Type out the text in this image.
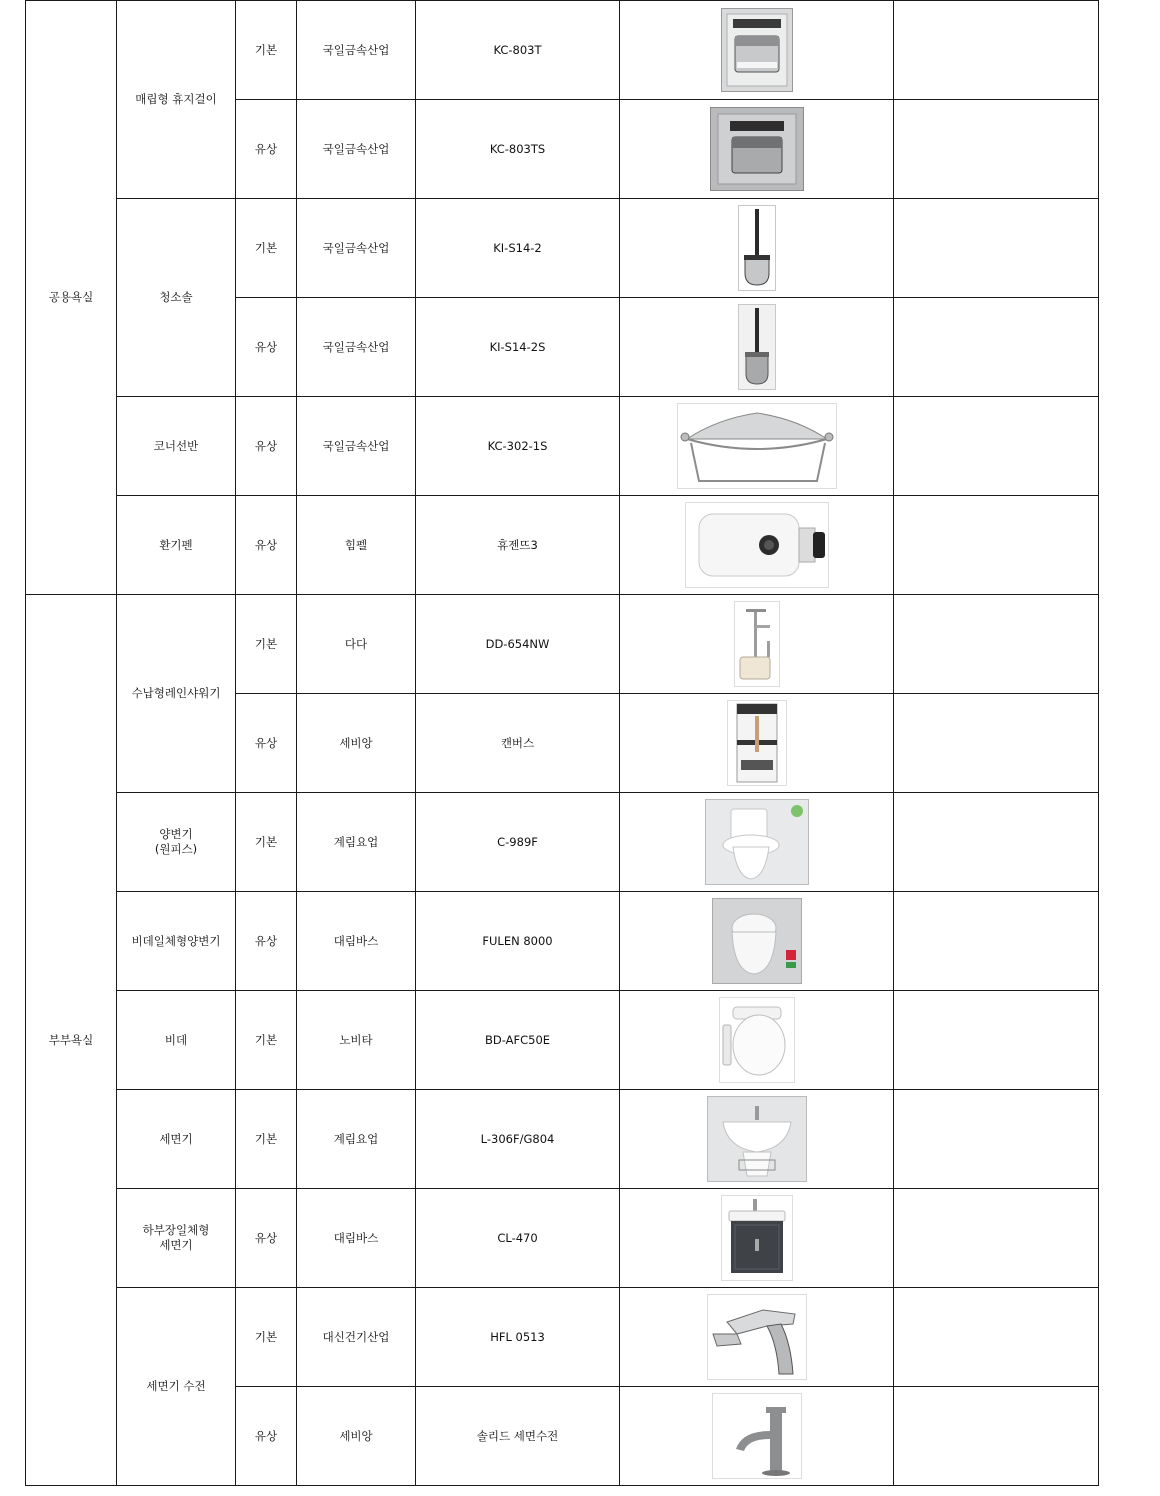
공용욕실	매립형 휴지걸이	기본	국일금속산업	KC-803T	

		유상	국일금속산업	KC-803TS	

	청소솔	기본	국일금속산업	KI-S14-2	

		유상	국일금속산업	KI-S14-2S	

	코너선반	유상	국일금속산업	KC-302-1S	

	환기펜	유상	힘펠	휴젠뜨3	

부부욕실	수납형레인샤워기	기본	다다	DD-654NW	

		유상	세비앙	캔버스	

	양변기
(원피스)	기본	계림요업	C-989F	

	비데일체형양변기	유상	대림바스	FULEN 8000	

	비데	기본	노비타	BD-AFC50E	

	세면기	기본	계림요업	L-306F/G804	

	하부장일체형
세면기	유상	대림바스	CL-470	

	세면기 수전	기본	대신건기산업	HFL 0513	

		유상	세비앙	솔리드 세면수전	
